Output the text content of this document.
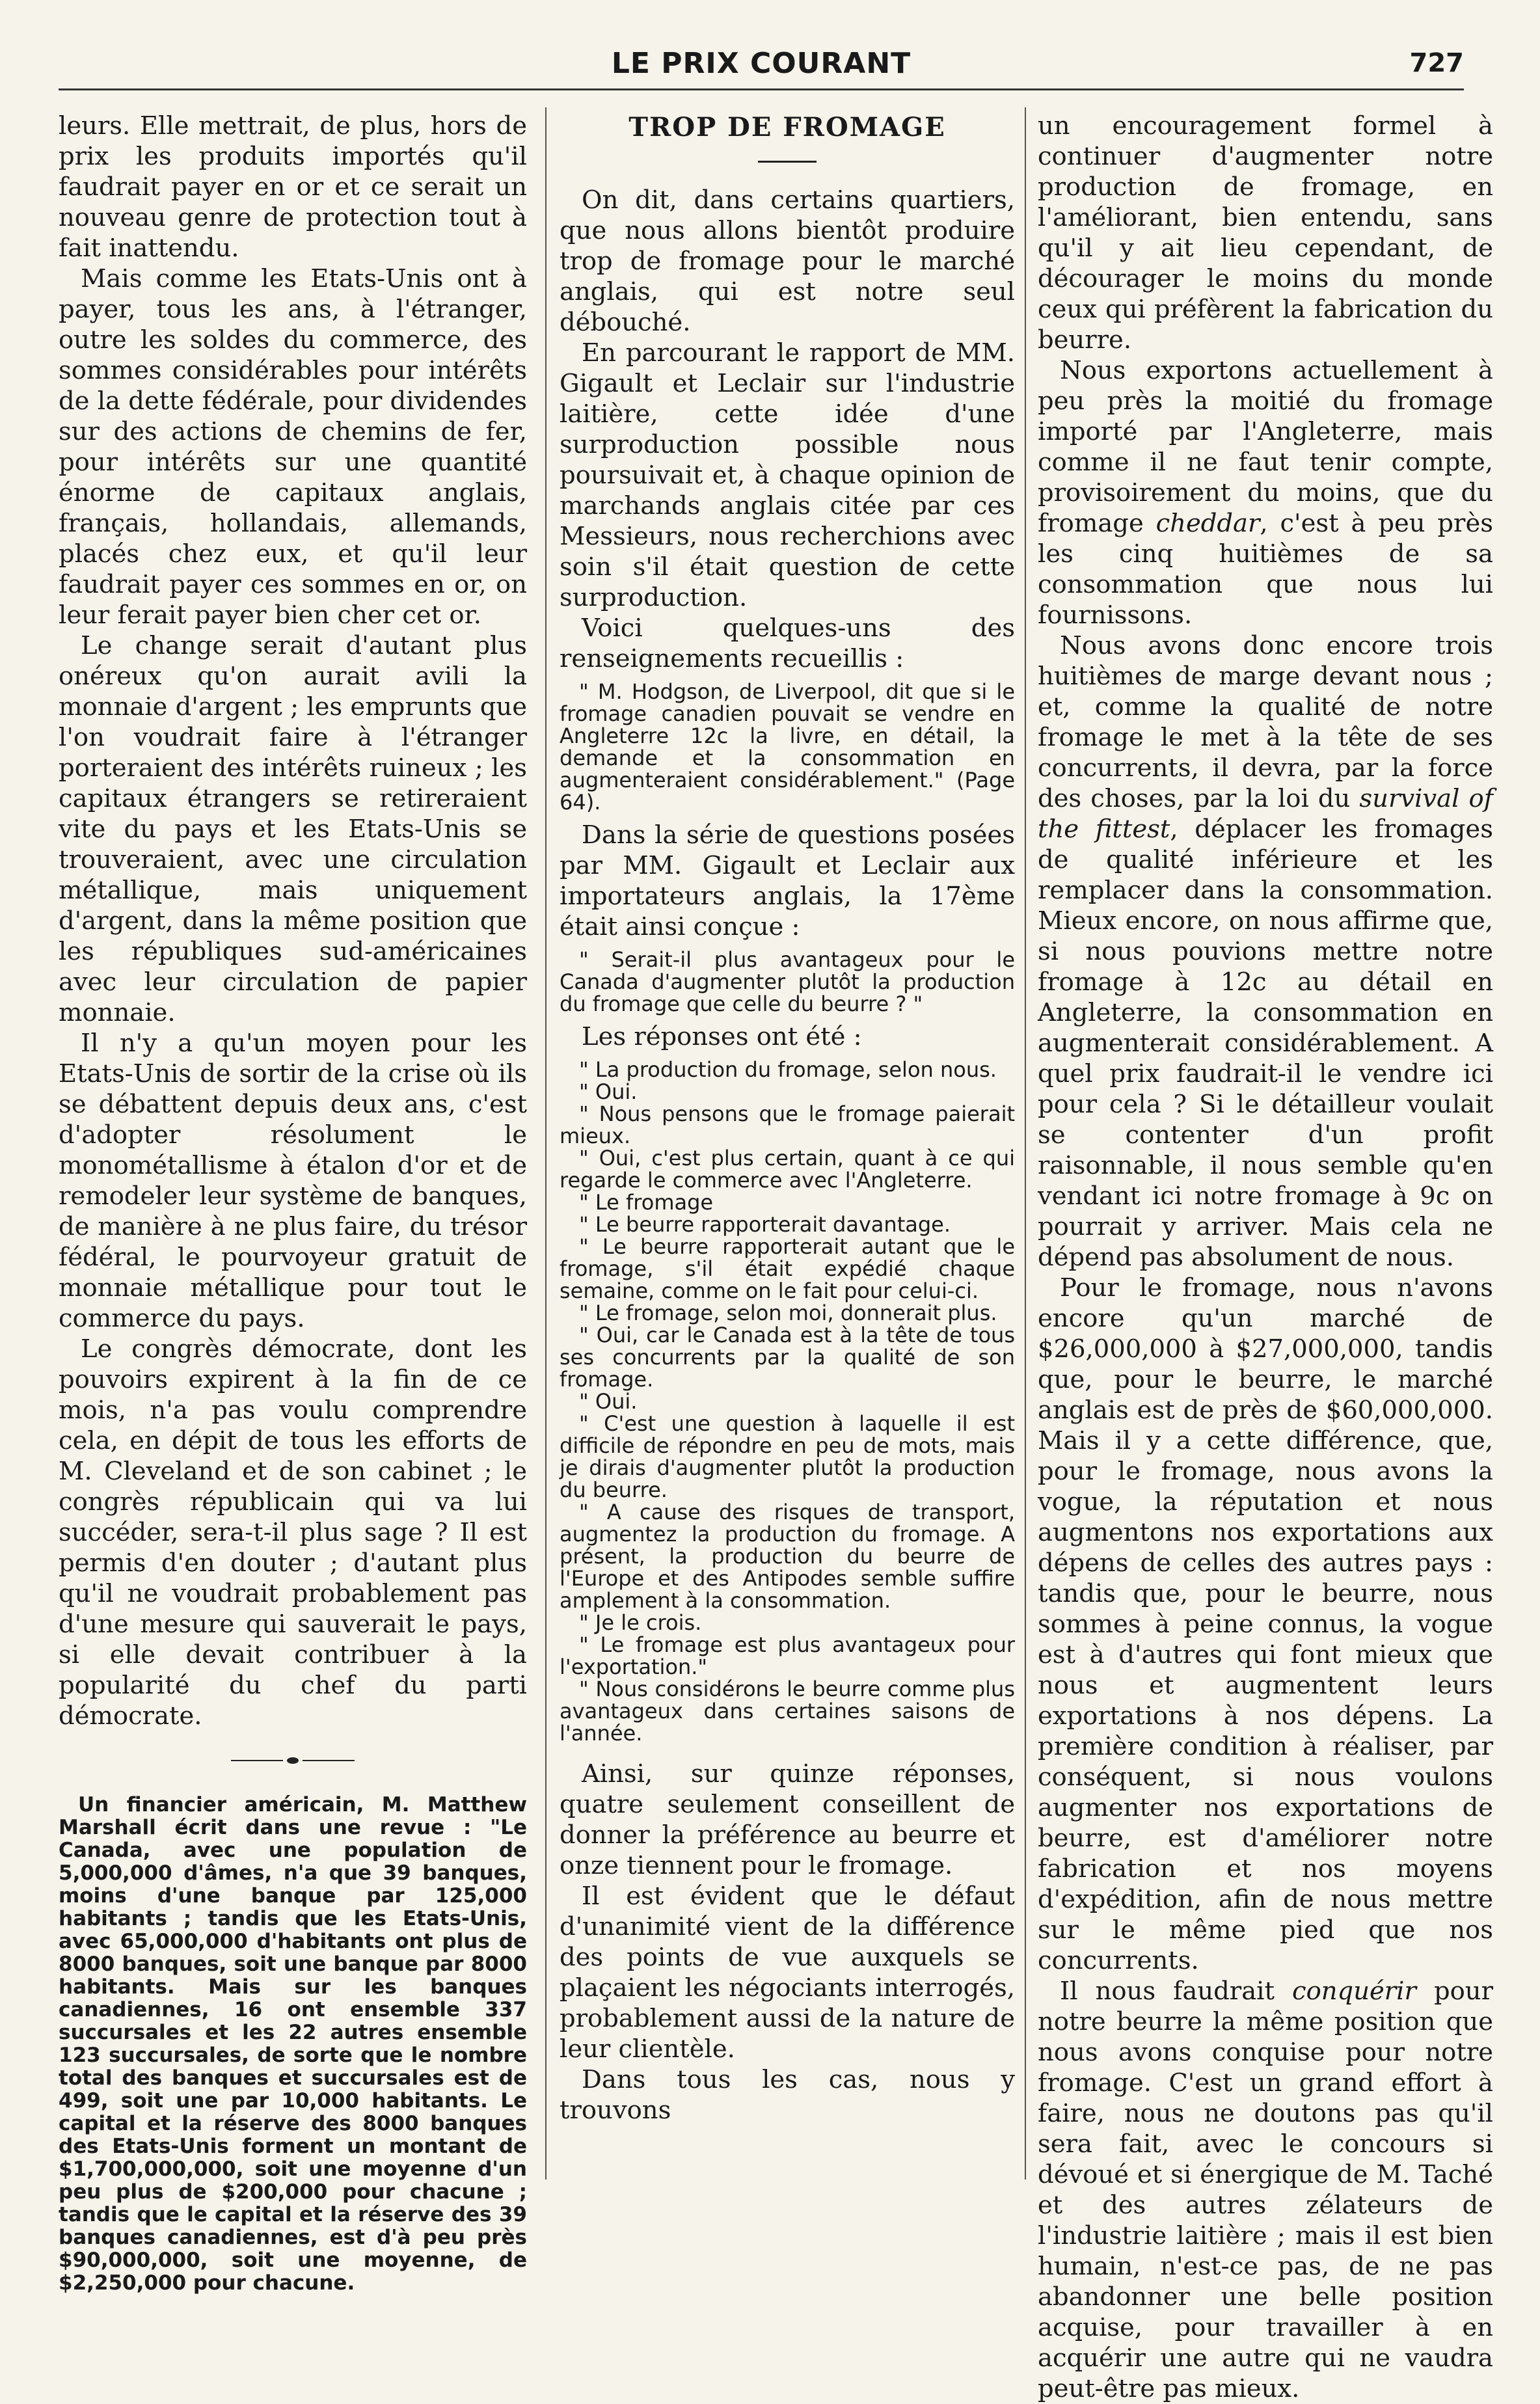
LE PRIX COURANT	727

leurs. Elle mettrait, de plus, hors de prix les produits importés qu'il faudrait payer en or et ce serait un nouveau genre de protection tout à fait inattendu.

Mais comme les Etats-Unis ont à payer, tous les ans, à l'étranger, outre les soldes du commerce, des sommes considérables pour intérêts de la dette fédérale, pour dividendes sur des actions de chemins de fer, pour intérêts sur une quantité énorme de capitaux anglais, français, hollandais, allemands, placés chez eux, et qu'il leur faudrait payer ces sommes en or, on leur ferait payer bien cher cet or.

Le change serait d'autant plus onéreux qu'on aurait avili la monnaie d'argent ; les emprunts que l'on voudrait faire à l'étranger porteraient des intérêts ruineux ; les capitaux étrangers se retireraient vite du pays et les Etats-Unis se trouveraient, avec une circulation métallique, mais uniquement d'argent, dans la même position que les républiques sud-américaines avec leur circulation de papier monnaie.

Il n'y a qu'un moyen pour les Etats-Unis de sortir de la crise où ils se débattent depuis deux ans, c'est d'adopter résolument le monométallisme à étalon d'or et de remodeler leur système de banques, de manière à ne plus faire, du trésor fédéral, le pourvoyeur gratuit de monnaie métallique pour tout le commerce du pays.

Le congrès démocrate, dont les pouvoirs expirent à la fin de ce mois, n'a pas voulu comprendre cela, en dépit de tous les efforts de M. Cleveland et de son cabinet ; le congrès républicain qui va lui succéder, sera-t-il plus sage ? Il est permis d'en douter ; d'autant plus qu'il ne voudrait probablement pas d'une mesure qui sauverait le pays, si elle devait contribuer à la popularité du chef du parti démocrate.

Un financier américain, M. Matthew Marshall écrit dans une revue : "Le Canada, avec une population de 5,000,000 d'âmes, n'a que 39 banques, moins d'une banque par 125,000 habitants ; tandis que les Etats-Unis, avec 65,000,000 d'habitants ont plus de 8000 banques, soit une banque par 8000 habitants. Mais sur les banques canadiennes, 16 ont ensemble 337 succursales et les 22 autres ensemble 123 succursales, de sorte que le nombre total des banques et succursales est de 499, soit une par 10,000 habitants. Le capital et la réserve des 8000 banques des Etats-Unis forment un montant de $1,700,000,000, soit une moyenne d'un peu plus de $200,000 pour chacune ; tandis que le capital et la réserve des 39 banques canadiennes, est d'à peu près $90,000,000, soit une moyenne, de $2,250,000 pour chacune.

TROP DE FROMAGE

On dit, dans certains quartiers, que nous allons bientôt produire trop de fromage pour le marché anglais, qui est notre seul débouché.

En parcourant le rapport de MM. Gigault et Leclair sur l'industrie laitière, cette idée d'une surproduction possible nous poursuivait et, à chaque opinion de marchands anglais citée par ces Messieurs, nous recherchions avec soin s'il était question de cette surproduction.

Voici quelques-uns des renseignements recueillis :

" M. Hodgson, de Liverpool, dit que si le fromage canadien pouvait se vendre en Angleterre 12c la livre, en détail, la demande et la consommation en augmenteraient considérablement." (Page 64).

Dans la série de questions posées par MM. Gigault et Leclair aux importateurs anglais, la 17ème était ainsi conçue :

" Serait-il plus avantageux pour le Canada d'augmenter plutôt la production du fromage que celle du beurre ? "

Les réponses ont été :

" La production du fromage, selon nous.

" Oui.

" Nous pensons que le fromage paierait mieux.

" Oui, c'est plus certain, quant à ce qui regarde le commerce avec l'Angleterre.

" Le fromage

" Le beurre rapporterait davantage.

" Le beurre rapporterait autant que le fromage, s'il était expédié chaque semaine, comme on le fait pour celui-ci.

" Le fromage, selon moi, donnerait plus.

" Oui, car le Canada est à la tête de tous ses concurrents par la qualité de son fromage.

" Oui.

" C'est une question à laquelle il est difficile de répondre en peu de mots, mais je dirais d'augmenter plutôt la production du beurre.

" A cause des risques de transport, augmentez la production du fromage. A présent, la production du beurre de l'Europe et des Antipodes semble suffire amplement à la consommation.

" Je le crois.

" Le fromage est plus avantageux pour l'exportation."

" Nous considérons le beurre comme plus avantageux dans certaines saisons de l'année.

Ainsi, sur quinze réponses, quatre seulement conseillent de donner la préférence au beurre et onze tiennent pour le fromage.

Il est évident que le défaut d'unanimité vient de la différence des points de vue auxquels se plaçaient les négociants interrogés, probablement aussi de la nature de leur clientèle.

Dans tous les cas, nous y trouvons

un encouragement formel à continuer d'augmenter notre production de fromage, en l'améliorant, bien entendu, sans qu'il y ait lieu cependant, de décourager le moins du monde ceux qui préfèrent la fabrication du beurre.

Nous exportons actuellement à peu près la moitié du fromage importé par l'Angleterre, mais comme il ne faut tenir compte, provisoirement du moins, que du fromage cheddar, c'est à peu près les cinq huitièmes de sa consommation que nous lui fournissons.

Nous avons donc encore trois huitièmes de marge devant nous ; et, comme la qualité de notre fromage le met à la tête de ses concurrents, il devra, par la force des choses, par la loi du survival of the fittest, déplacer les fromages de qualité inférieure et les remplacer dans la consommation. Mieux encore, on nous affirme que, si nous pouvions mettre notre fromage à 12c au détail en Angleterre, la consommation en augmenterait considérablement. A quel prix faudrait-il le vendre ici pour cela ? Si le détailleur voulait se contenter d'un profit raisonnable, il nous semble qu'en vendant ici notre fromage à 9c on pourrait y arriver. Mais cela ne dépend pas absolument de nous.

Pour le fromage, nous n'avons encore qu'un marché de $26,000,000 à $27,000,000, tandis que, pour le beurre, le marché anglais est de près de $60,000,000. Mais il y a cette différence, que, pour le fromage, nous avons la vogue, la réputation et nous augmentons nos exportations aux dépens de celles des autres pays : tandis que, pour le beurre, nous sommes à peine connus, la vogue est à d'autres qui font mieux que nous et augmentent leurs exportations à nos dépens. La première condition à réaliser, par conséquent, si nous voulons augmenter nos exportations de beurre, est d'améliorer notre fabrication et nos moyens d'expédition, afin de nous mettre sur le même pied que nos concurrents.

Il nous faudrait conquérir pour notre beurre la même position que nous avons conquise pour notre fromage. C'est un grand effort à faire, nous ne doutons pas qu'il sera fait, avec le concours si dévoué et si énergique de M. Taché et des autres zélateurs de l'industrie laitière ; mais il est bien humain, n'est-ce pas, de ne pas abandonner une belle position acquise, pour travailler à en acquérir une autre qui ne vaudra peut-être pas mieux.
